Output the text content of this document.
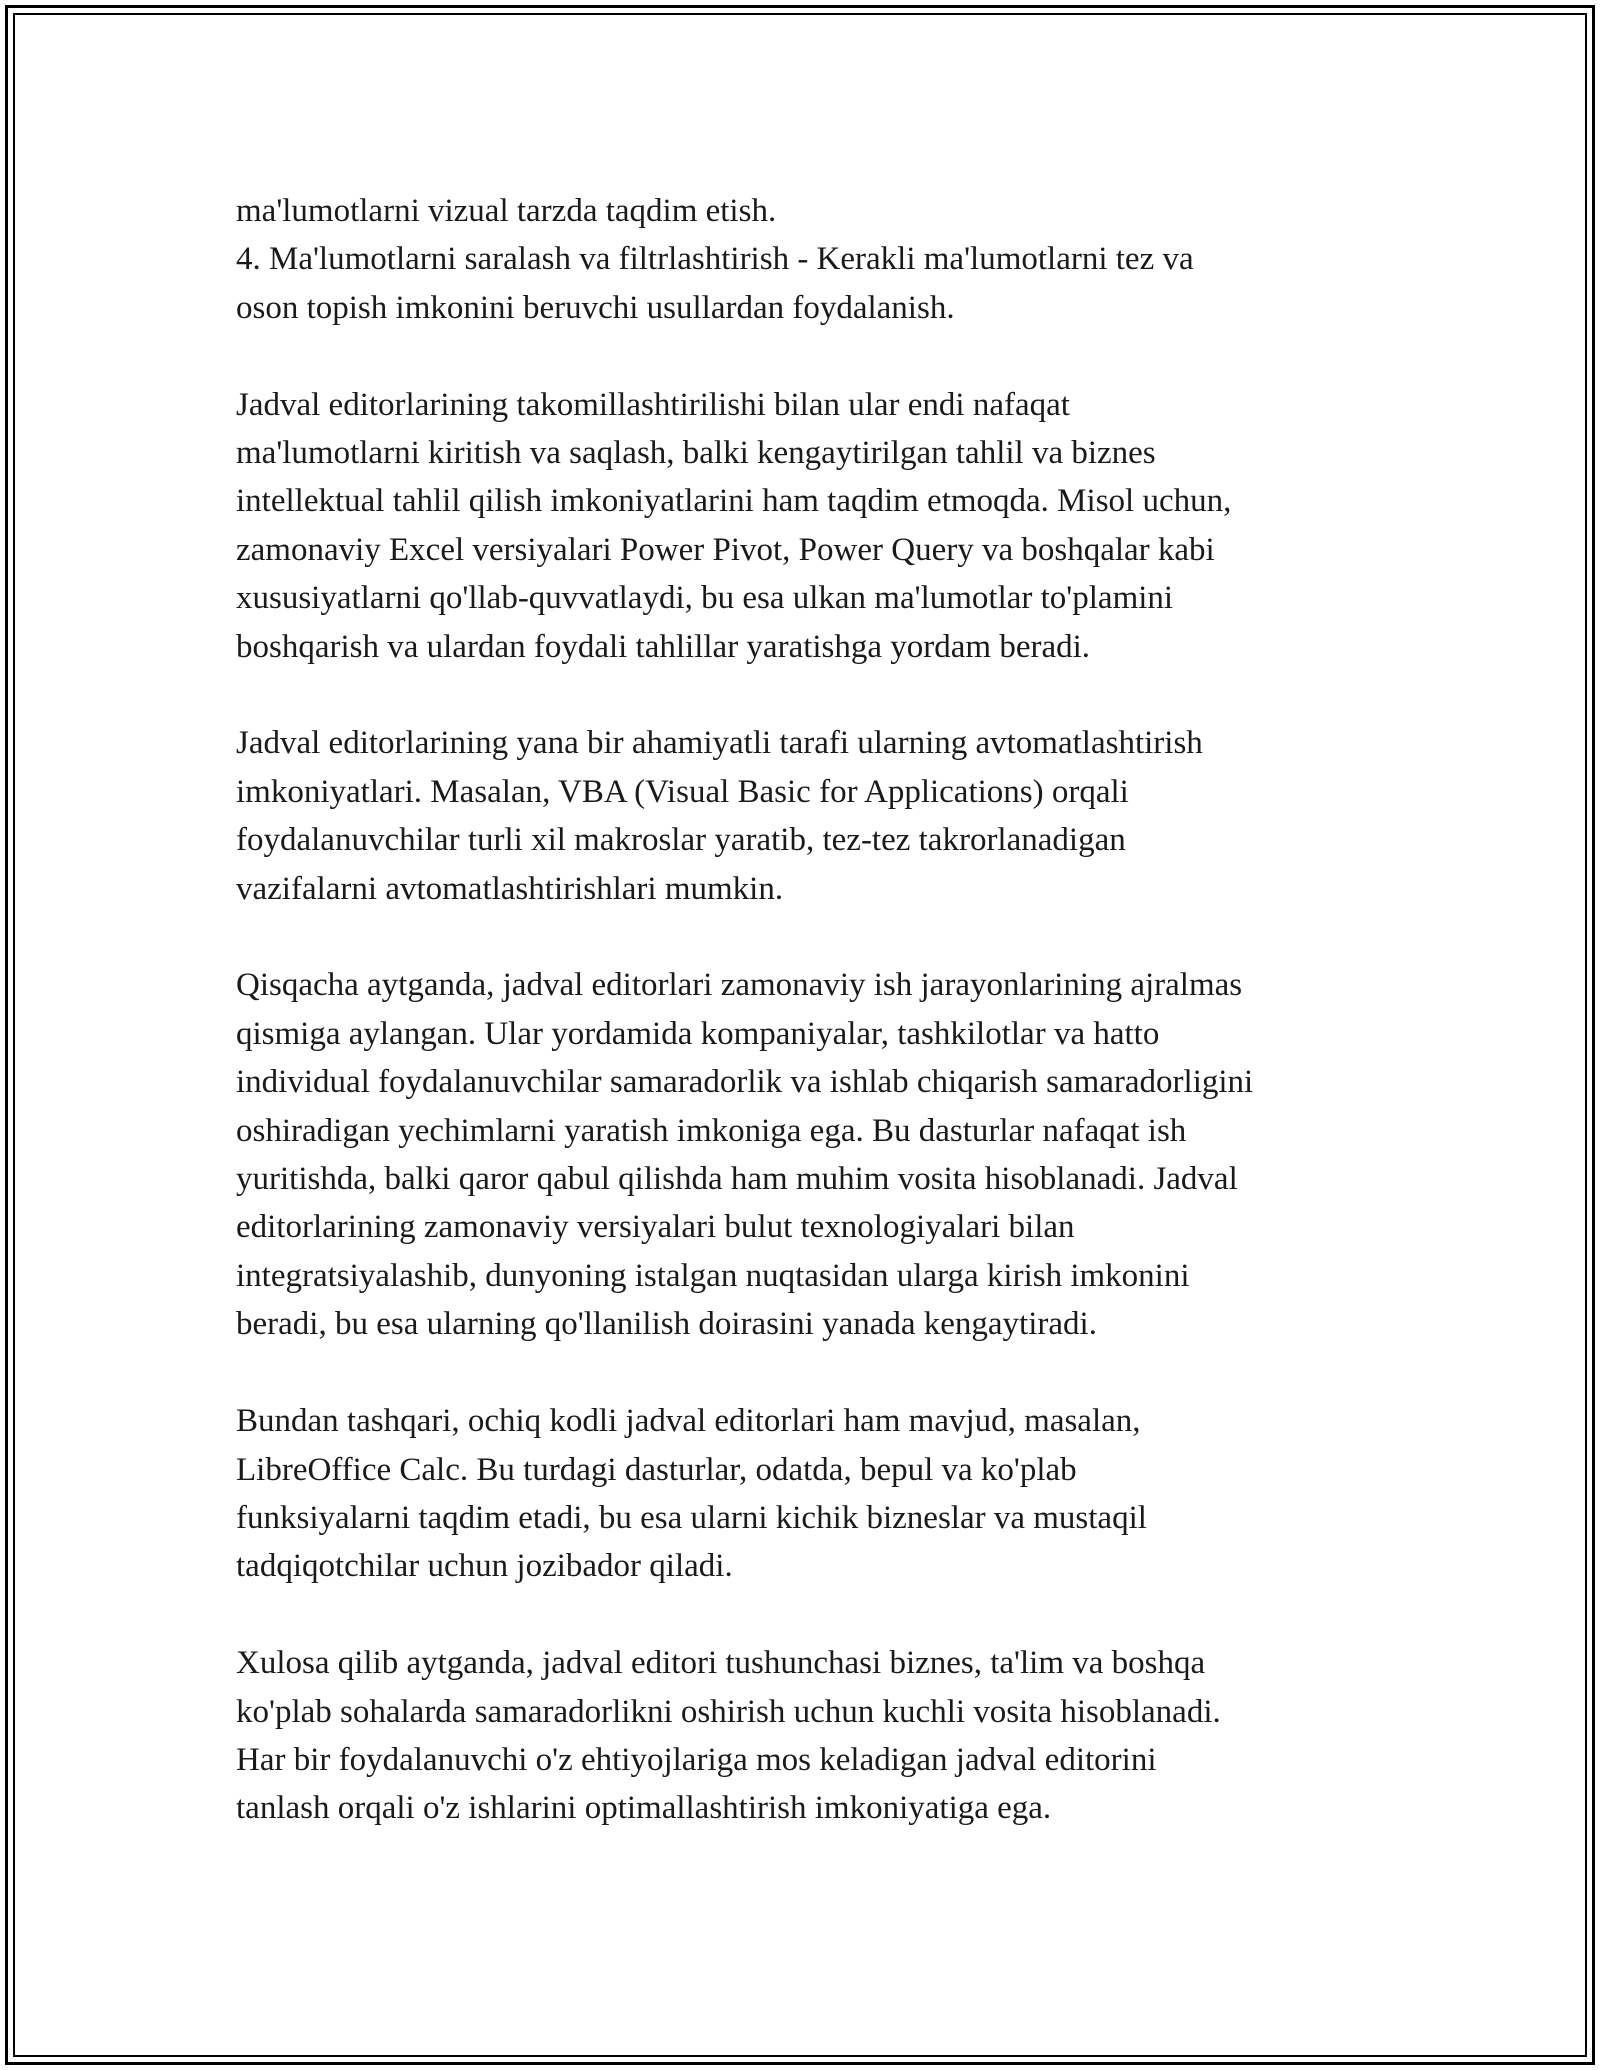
ma'lumotlarni vizual tarzda taqdim etish.
4. Ma'lumotlarni saralash va filtrlashtirish - Kerakli ma'lumotlarni tez va
oson topish imkonini beruvchi usullardan foydalanish.

Jadval editorlarining takomillashtirilishi bilan ular endi nafaqat
ma'lumotlarni kiritish va saqlash, balki kengaytirilgan tahlil va biznes
intellektual tahlil qilish imkoniyatlarini ham taqdim etmoqda. Misol uchun,
zamonaviy Excel versiyalari Power Pivot, Power Query va boshqalar kabi
xususiyatlarni qo'llab-quvvatlaydi, bu esa ulkan ma'lumotlar to'plamini
boshqarish va ulardan foydali tahlillar yaratishga yordam beradi.

Jadval editorlarining yana bir ahamiyatli tarafi ularning avtomatlashtirish
imkoniyatlari. Masalan, VBA (Visual Basic for Applications) orqali
foydalanuvchilar turli xil makroslar yaratib, tez-tez takrorlanadigan
vazifalarni avtomatlashtirishlari mumkin.

Qisqacha aytganda, jadval editorlari zamonaviy ish jarayonlarining ajralmas
qismiga aylangan. Ular yordamida kompaniyalar, tashkilotlar va hatto
individual foydalanuvchilar samaradorlik va ishlab chiqarish samaradorligini
oshiradigan yechimlarni yaratish imkoniga ega. Bu dasturlar nafaqat ish
yuritishda, balki qaror qabul qilishda ham muhim vosita hisoblanadi. Jadval
editorlarining zamonaviy versiyalari bulut texnologiyalari bilan
integratsiyalashib, dunyoning istalgan nuqtasidan ularga kirish imkonini
beradi, bu esa ularning qo'llanilish doirasini yanada kengaytiradi.

Bundan tashqari, ochiq kodli jadval editorlari ham mavjud, masalan,
LibreOffice Calc. Bu turdagi dasturlar, odatda, bepul va ko'plab
funksiyalarni taqdim etadi, bu esa ularni kichik bizneslar va mustaqil
tadqiqotchilar uchun jozibador qiladi.

Xulosa qilib aytganda, jadval editori tushunchasi biznes, ta'lim va boshqa
ko'plab sohalarda samaradorlikni oshirish uchun kuchli vosita hisoblanadi.
Har bir foydalanuvchi o'z ehtiyojlariga mos keladigan jadval editorini
tanlash orqali o'z ishlarini optimallashtirish imkoniyatiga ega.
